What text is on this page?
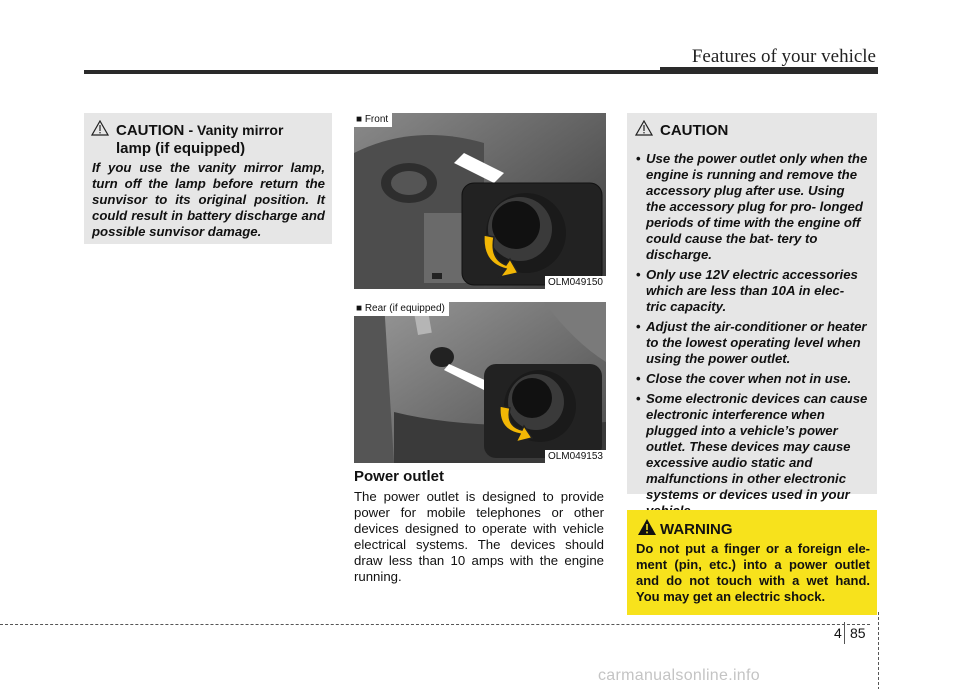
Features of your vehicle
CAUTION - Vanity mirror
lamp (if equipped)
If you use the vanity mirror lamp, turn off the lamp before return the sunvisor to its original position. It could result in battery discharge and possible sunvisor damage.
■ Front
OLM049150
■ Rear (if equipped)
OLM049153
Power outlet
The power outlet is designed to provide power for mobile telephones or other devices designed to operate with vehicle electrical systems. The devices should draw less than 10 amps with the engine running.
CAUTION
• Use the power outlet only when the engine is running and remove the accessory plug after use. Using the accessory plug for pro- longed periods of time with the engine off could cause the bat- tery to discharge.
• Only use 12V electric accessories which are less than 10A in elec- tric capacity.
• Adjust the air-conditioner or heater to the lowest operating level when using the power outlet.
• Close the cover when not in use.
• Some electronic devices can cause electronic interference when plugged into a vehicle’s power outlet. These devices may cause excessive audio static and malfunctions in other electronic systems or devices used in your
WARNING
Do not put a finger or a foreign ele- ment (pin, etc.) into a power outlet and do not touch with a wet hand. You may get an electric shock.
4 85
carmanualsonline.info
